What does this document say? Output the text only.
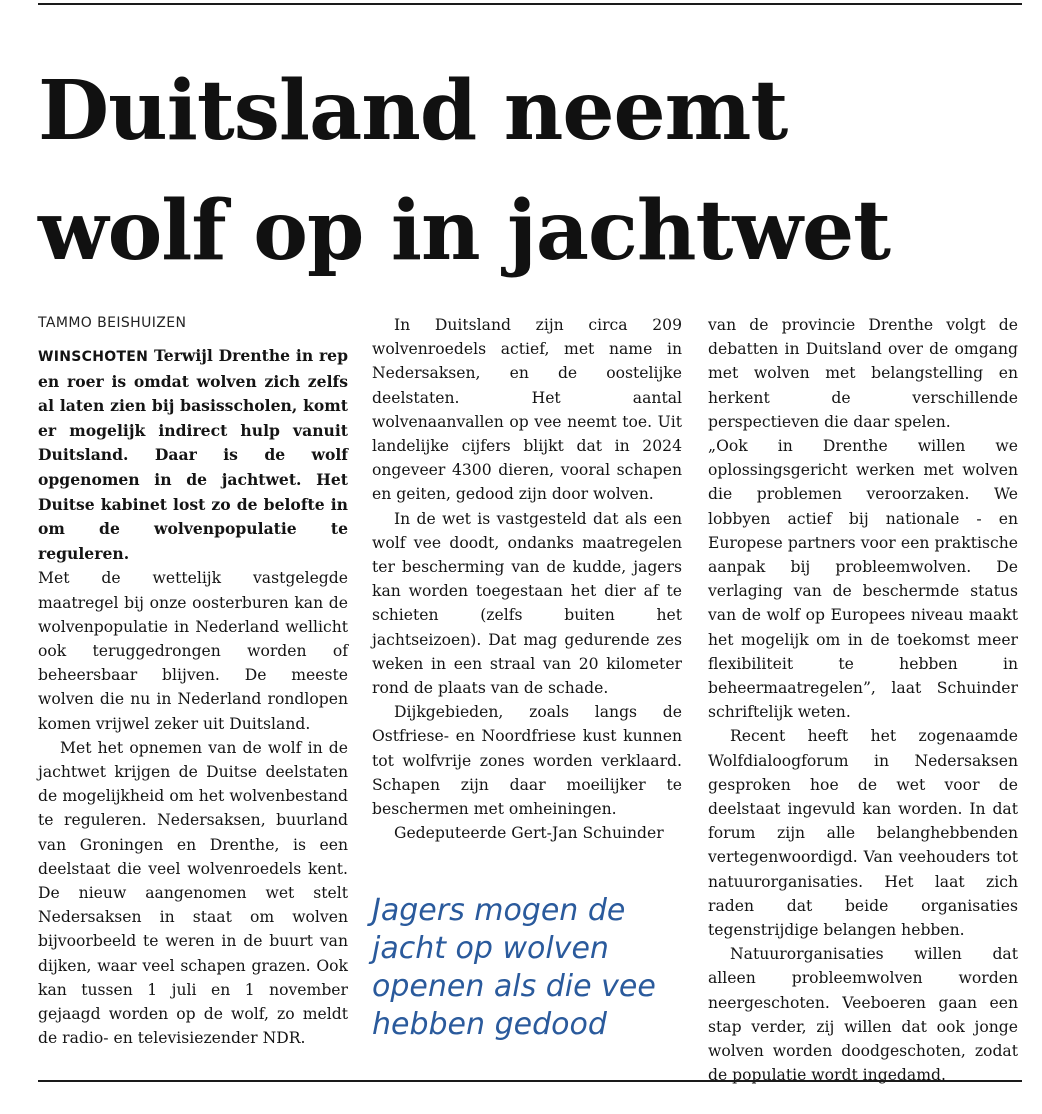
Duitsland neemt
wolf op in jachtwet
TAMMO BEISHUIZEN

WINSCHOTEN Terwijl Drenthe in rep en roer is omdat wolven zich zelfs al laten zien bij basisscholen, komt er mogelijk indirect hulp vanuit Duitsland. Daar is de wolf opgenomen in de jachtwet. Het Duitse kabinet lost zo de belofte in om de wolvenpopulatie te reguleren.

Met de wettelijk vastgelegde maatregel bij onze oosterburen kan de wolvenpopulatie in Nederland wellicht ook teruggedrongen worden of beheersbaar blijven. De meeste wolven die nu in Nederland rondlopen komen vrijwel zeker uit Duitsland.

Met het opnemen van de wolf in de jachtwet krijgen de Duitse deelstaten de mogelijkheid om het wolvenbestand te reguleren. Nedersaksen, buurland van Groningen en Drenthe, is een deelstaat die veel wolvenroedels kent. De nieuw aangenomen wet stelt Nedersaksen in staat om wolven bijvoorbeeld te weren in de buurt van dijken, waar veel schapen grazen. Ook kan tussen 1 juli en 1 november gejaagd worden op de wolf, zo meldt de radio- en televisiezender NDR.

In Duitsland zijn circa 209 wolvenroedels actief, met name in Nedersaksen, en de oostelijke deelstaten. Het aantal wolvenaanvallen op vee neemt toe. Uit landelijke cijfers blijkt dat in 2024 ongeveer 4300 dieren, vooral schapen en geiten, gedood zijn door wolven.

In de wet is vastgesteld dat als een wolf vee doodt, ondanks maatregelen ter bescherming van de kudde, jagers kan worden toegestaan het dier af te schieten (zelfs buiten het jachtseizoen). Dat mag gedurende zes weken in een straal van 20 kilometer rond de plaats van de schade.

Dijkgebieden, zoals langs de Ostfriese- en Noordfriese kust kunnen tot wolfvrije zones worden verklaard. Schapen zijn daar moeilijker te beschermen met omheiningen.

Gedeputeerde Gert-Jan Schuinder

van de provincie Drenthe volgt de debatten in Duitsland over de omgang met wolven met belangstelling en herkent de verschillende perspectieven die daar spelen.

„Ook in Drenthe willen we oplossingsgericht werken met wolven die problemen veroorzaken. We lobbyen actief bij nationale - en Europese partners voor een praktische aanpak bij probleemwolven. De verlaging van de beschermde status van de wolf op Europees niveau maakt het mogelijk om in de toekomst meer flexibiliteit te hebben in beheermaatregelen”, laat Schuinder schriftelijk weten.

Recent heeft het zogenaamde Wolfdialoogforum in Nedersaksen gesproken hoe de wet voor de deelstaat ingevuld kan worden. In dat forum zijn alle belanghebbenden vertegenwoordigd. Van veehouders tot natuurorganisaties. Het laat zich raden dat beide organisaties tegenstrijdige belangen hebben.

Natuurorganisaties willen dat alleen probleemwolven worden neergeschoten. Veeboeren gaan een stap verder, zij willen dat ook jonge wolven worden doodgeschoten, zodat de populatie wordt ingedamd.

Jagers mogen de jacht op wolven openen als die vee hebben gedood
